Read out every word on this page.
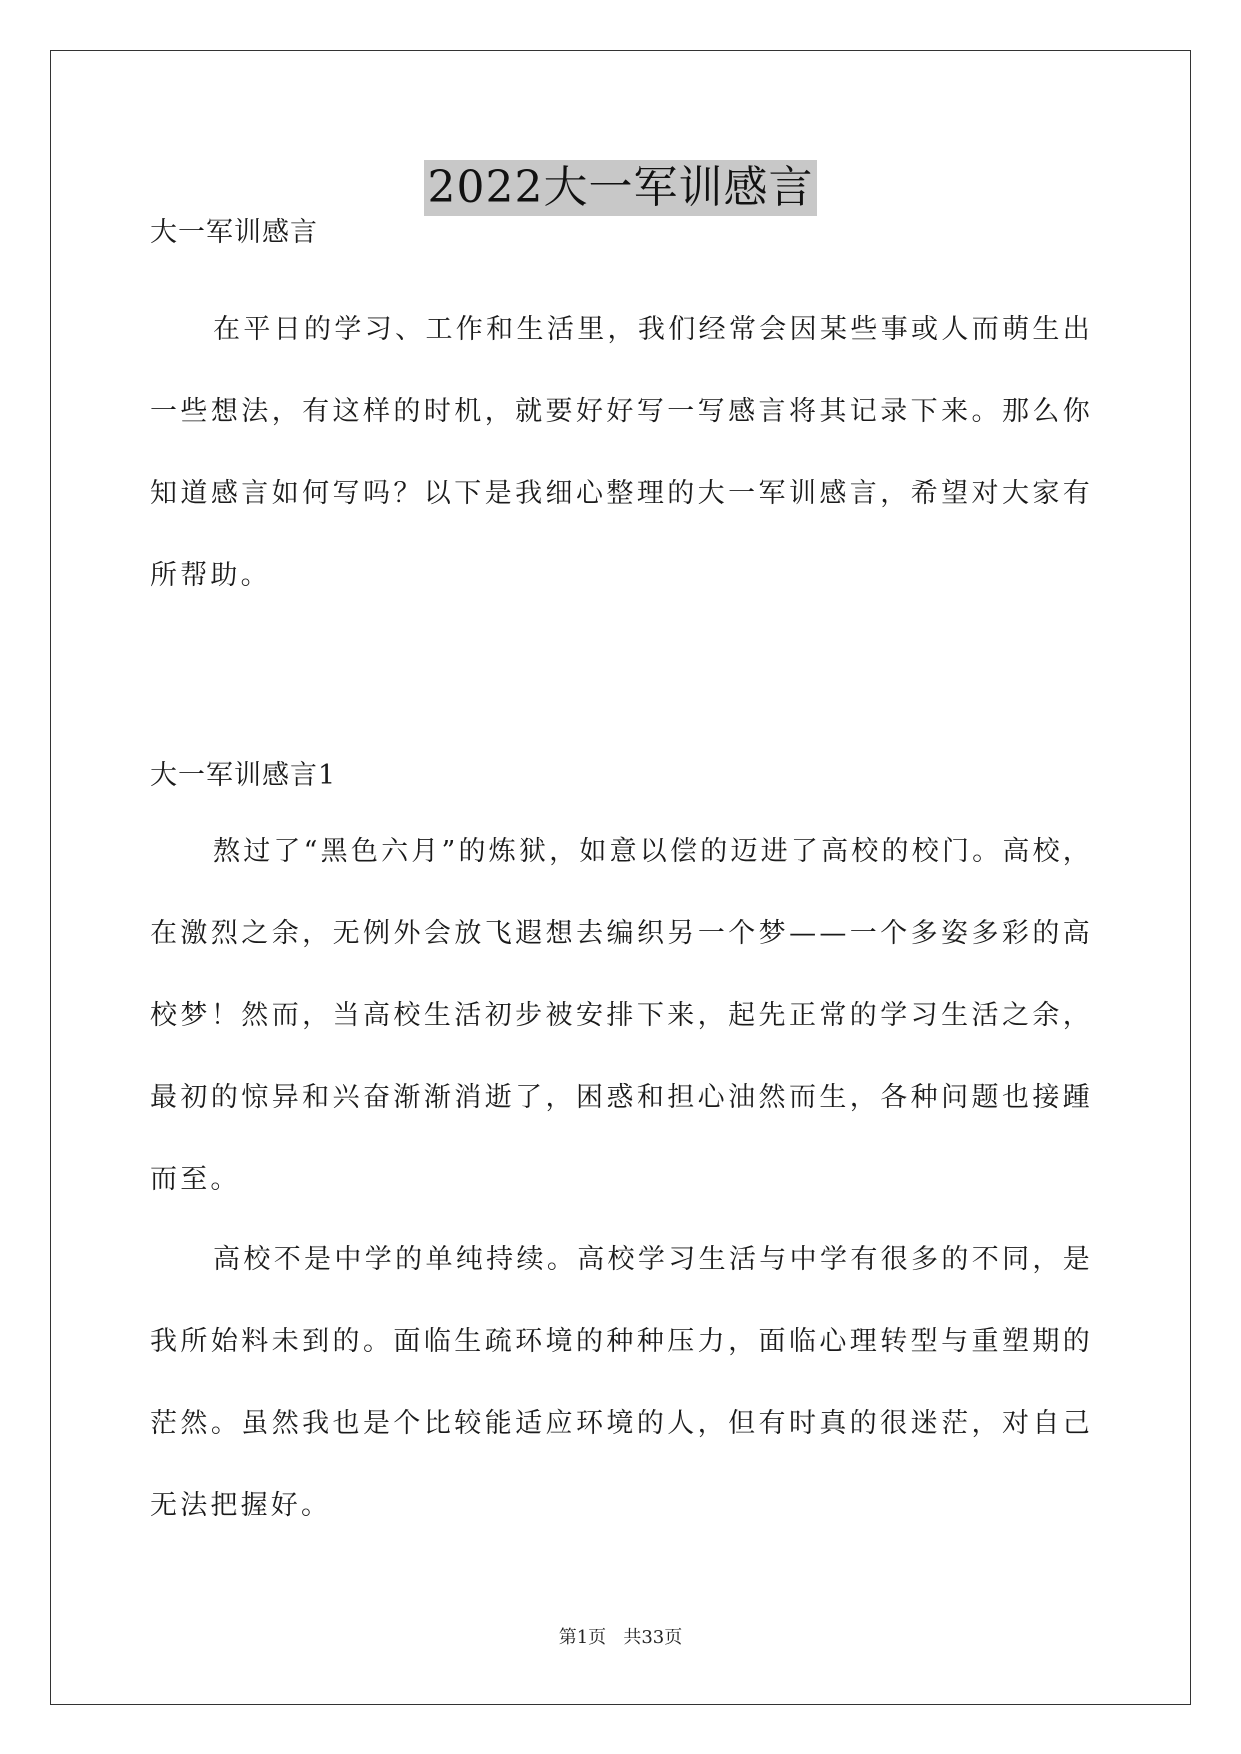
2022大一军训感言
大一军训感言
在平日的学习、工作和生活里，我们经常会因某些事或人而萌生出一些想法，有这样的时机，就要好好写一写感言将其记录下来。那么你知道感言如何写吗？以下是我细心整理的大一军训感言，希望对大家有所帮助。
大一军训感言1
熬过了“黑色六月”的炼狱，如意以偿的迈进了高校的校门。高校，在激烈之余，无例外会放飞遐想去编织另一个梦——一个多姿多彩的高校梦！然而，当高校生活初步被安排下来，起先正常的学习生活之余，最初的惊异和兴奋渐渐消逝了，困惑和担心油然而生，各种问题也接踵而至。
高校不是中学的单纯持续。高校学习生活与中学有很多的不同，是我所始料未到的。面临生疏环境的种种压力，面临心理转型与重塑期的茫然。虽然我也是个比较能适应环境的人，但有时真的很迷茫，对自己无法把握好。
第1页   共33页
